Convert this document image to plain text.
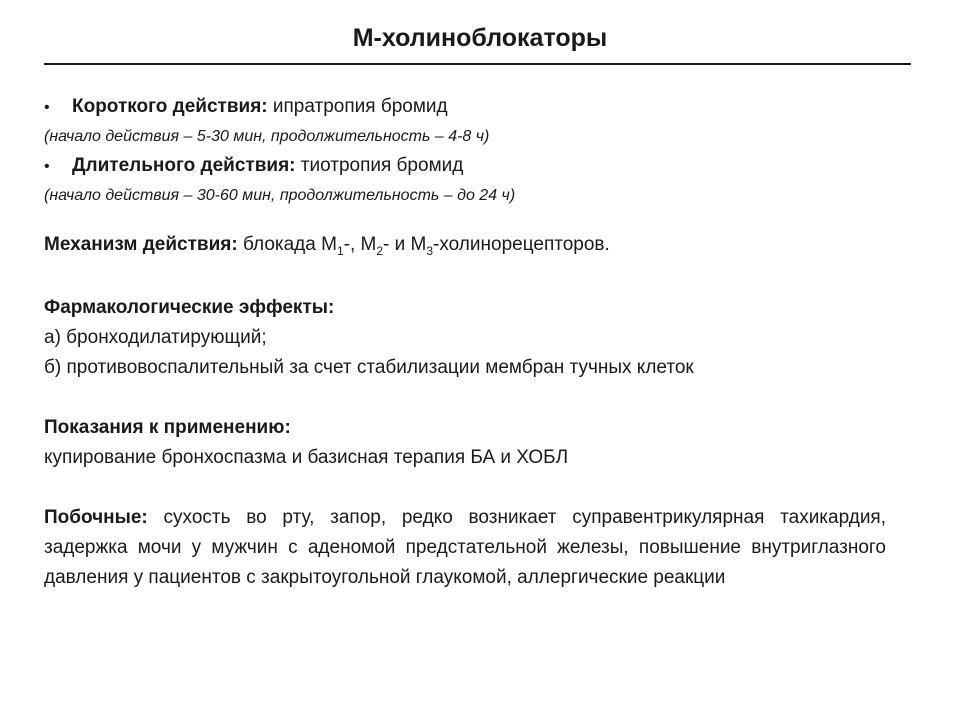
М-холиноблокаторы
•	Короткого действия:
ипратропия бромид
(начало действия – 5-30 мин, продолжительность – 4-8 ч)
•	Длительного действия:
тиотропия бромид
(начало действия – 30-60 мин, продолжительность – до 24 ч)
Механизм действия: блокада $М_1-$, $М_2-$ и $М_3$-холинорецепторов.
Фармакологические эффекты:
а) бронходилатирующий;
б) противовоспалительный за счет стабилизации мембран тучных клеток
Показания к применению:
купирование бронхоспазма и базисная терапия БА и ХОБЛ
Побочные: сухость во рту, запор, редко возникает суправентрикулярная тахикардия, задержка мочи у мужчин с аденомой предстательной железы, повышение внутриглазного давления у пациентов с закрытоугольной глаукомой, аллергические реакции
